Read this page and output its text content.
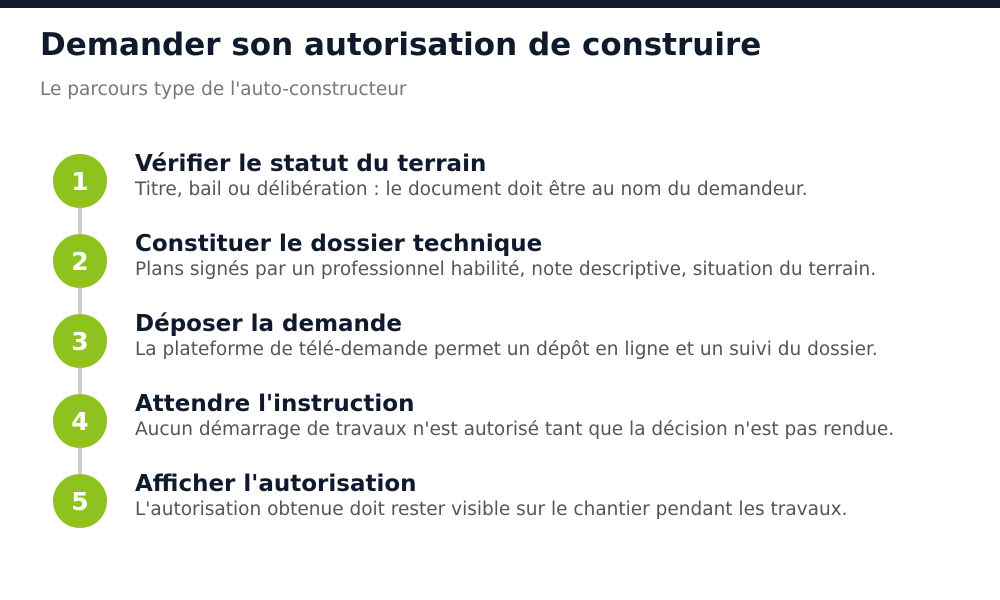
Demander son autorisation de construire

Le parcours type de l'auto-constructeur

1
Vérifier le statut du terrain
Titre, bail ou délibération : le document doit être au nom du demandeur.
2
Constituer le dossier technique
Plans signés par un professionnel habilité, note descriptive, situation du terrain.
3
Déposer la demande
La plateforme de télé-demande permet un dépôt en ligne et un suivi du dossier.
4
Attendre l'instruction
Aucun démarrage de travaux n'est autorisé tant que la décision n'est pas rendue.
5
Afficher l'autorisation
L'autorisation obtenue doit rester visible sur le chantier pendant les travaux.
